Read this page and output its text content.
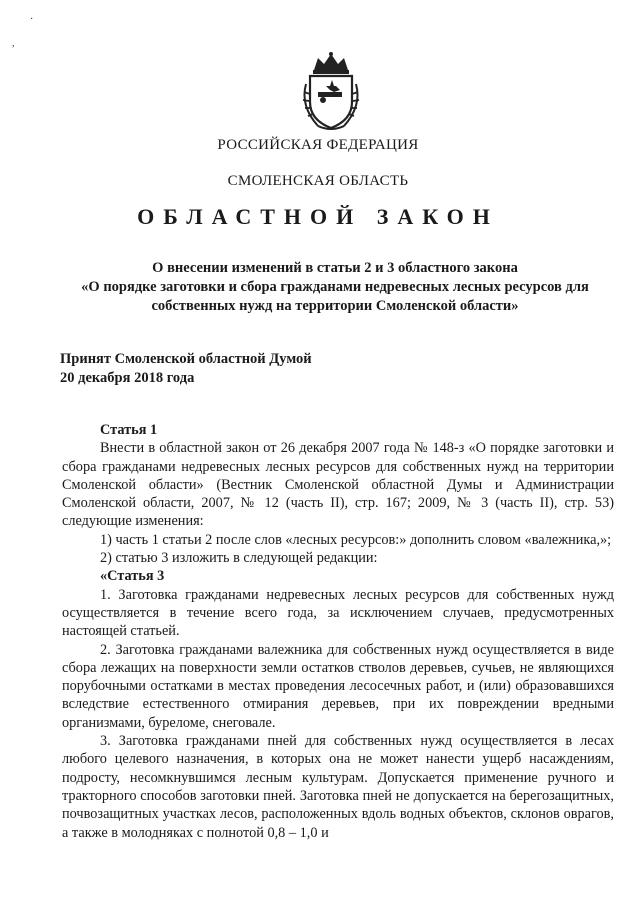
,
·
РОССИЙСКАЯ ФЕДЕРАЦИЯ
СМОЛЕНСКАЯ ОБЛАСТЬ
ОБЛАСТНОЙ ЗАКОН
О внесении изменений в статьи 2 и 3 областного закона
«О порядке заготовки и сбора гражданами недревесных лесных ресурсов для
собственных нужд на территории Смоленской области»
Принят Смоленской областной Думой
20 декабря 2018 года

Статья 1

Внести в областной закон от 26 декабря 2007 года № 148-з «О порядке заготовки и сбора гражданами недревесных лесных ресурсов для собственных нужд на территории Смоленской области» (Вестник Смоленской областной Думы и Администрации Смоленской области, 2007, № 12 (часть II), стр. 167; 2009, № 3 (часть II), стр. 53) следующие изменения:

1) часть 1 статьи 2 после слов «лесных ресурсов:» дополнить словом «валежника,»;

2) статью 3 изложить в следующей редакции:

«Статья 3

1. Заготовка гражданами недревесных лесных ресурсов для собственных нужд осуществляется в течение всего года, за исключением случаев, предусмотренных настоящей статьей.

2. Заготовка гражданами валежника для собственных нужд осуществляется в виде сбора лежащих на поверхности земли остатков стволов деревьев, сучьев, не являющихся порубочными остатками в местах проведения лесосечных работ, и (или) образовавшихся вследствие естественного отмирания деревьев, при их повреждении вредными организмами, буреломе, снеговале.

3. Заготовка гражданами пней для собственных нужд осуществляется в лесах любого целевого назначения, в которых она не может нанести ущерб насаждениям, подросту, несомкнувшимся лесным культурам. Допускается применение ручного и тракторного способов заготовки пней. Заготовка пней не допускается на берегозащитных, почвозащитных участках лесов, расположенных вдоль водных объектов, склонов оврагов, а также в молодняках с полнотой 0,8 – 1,0 и
